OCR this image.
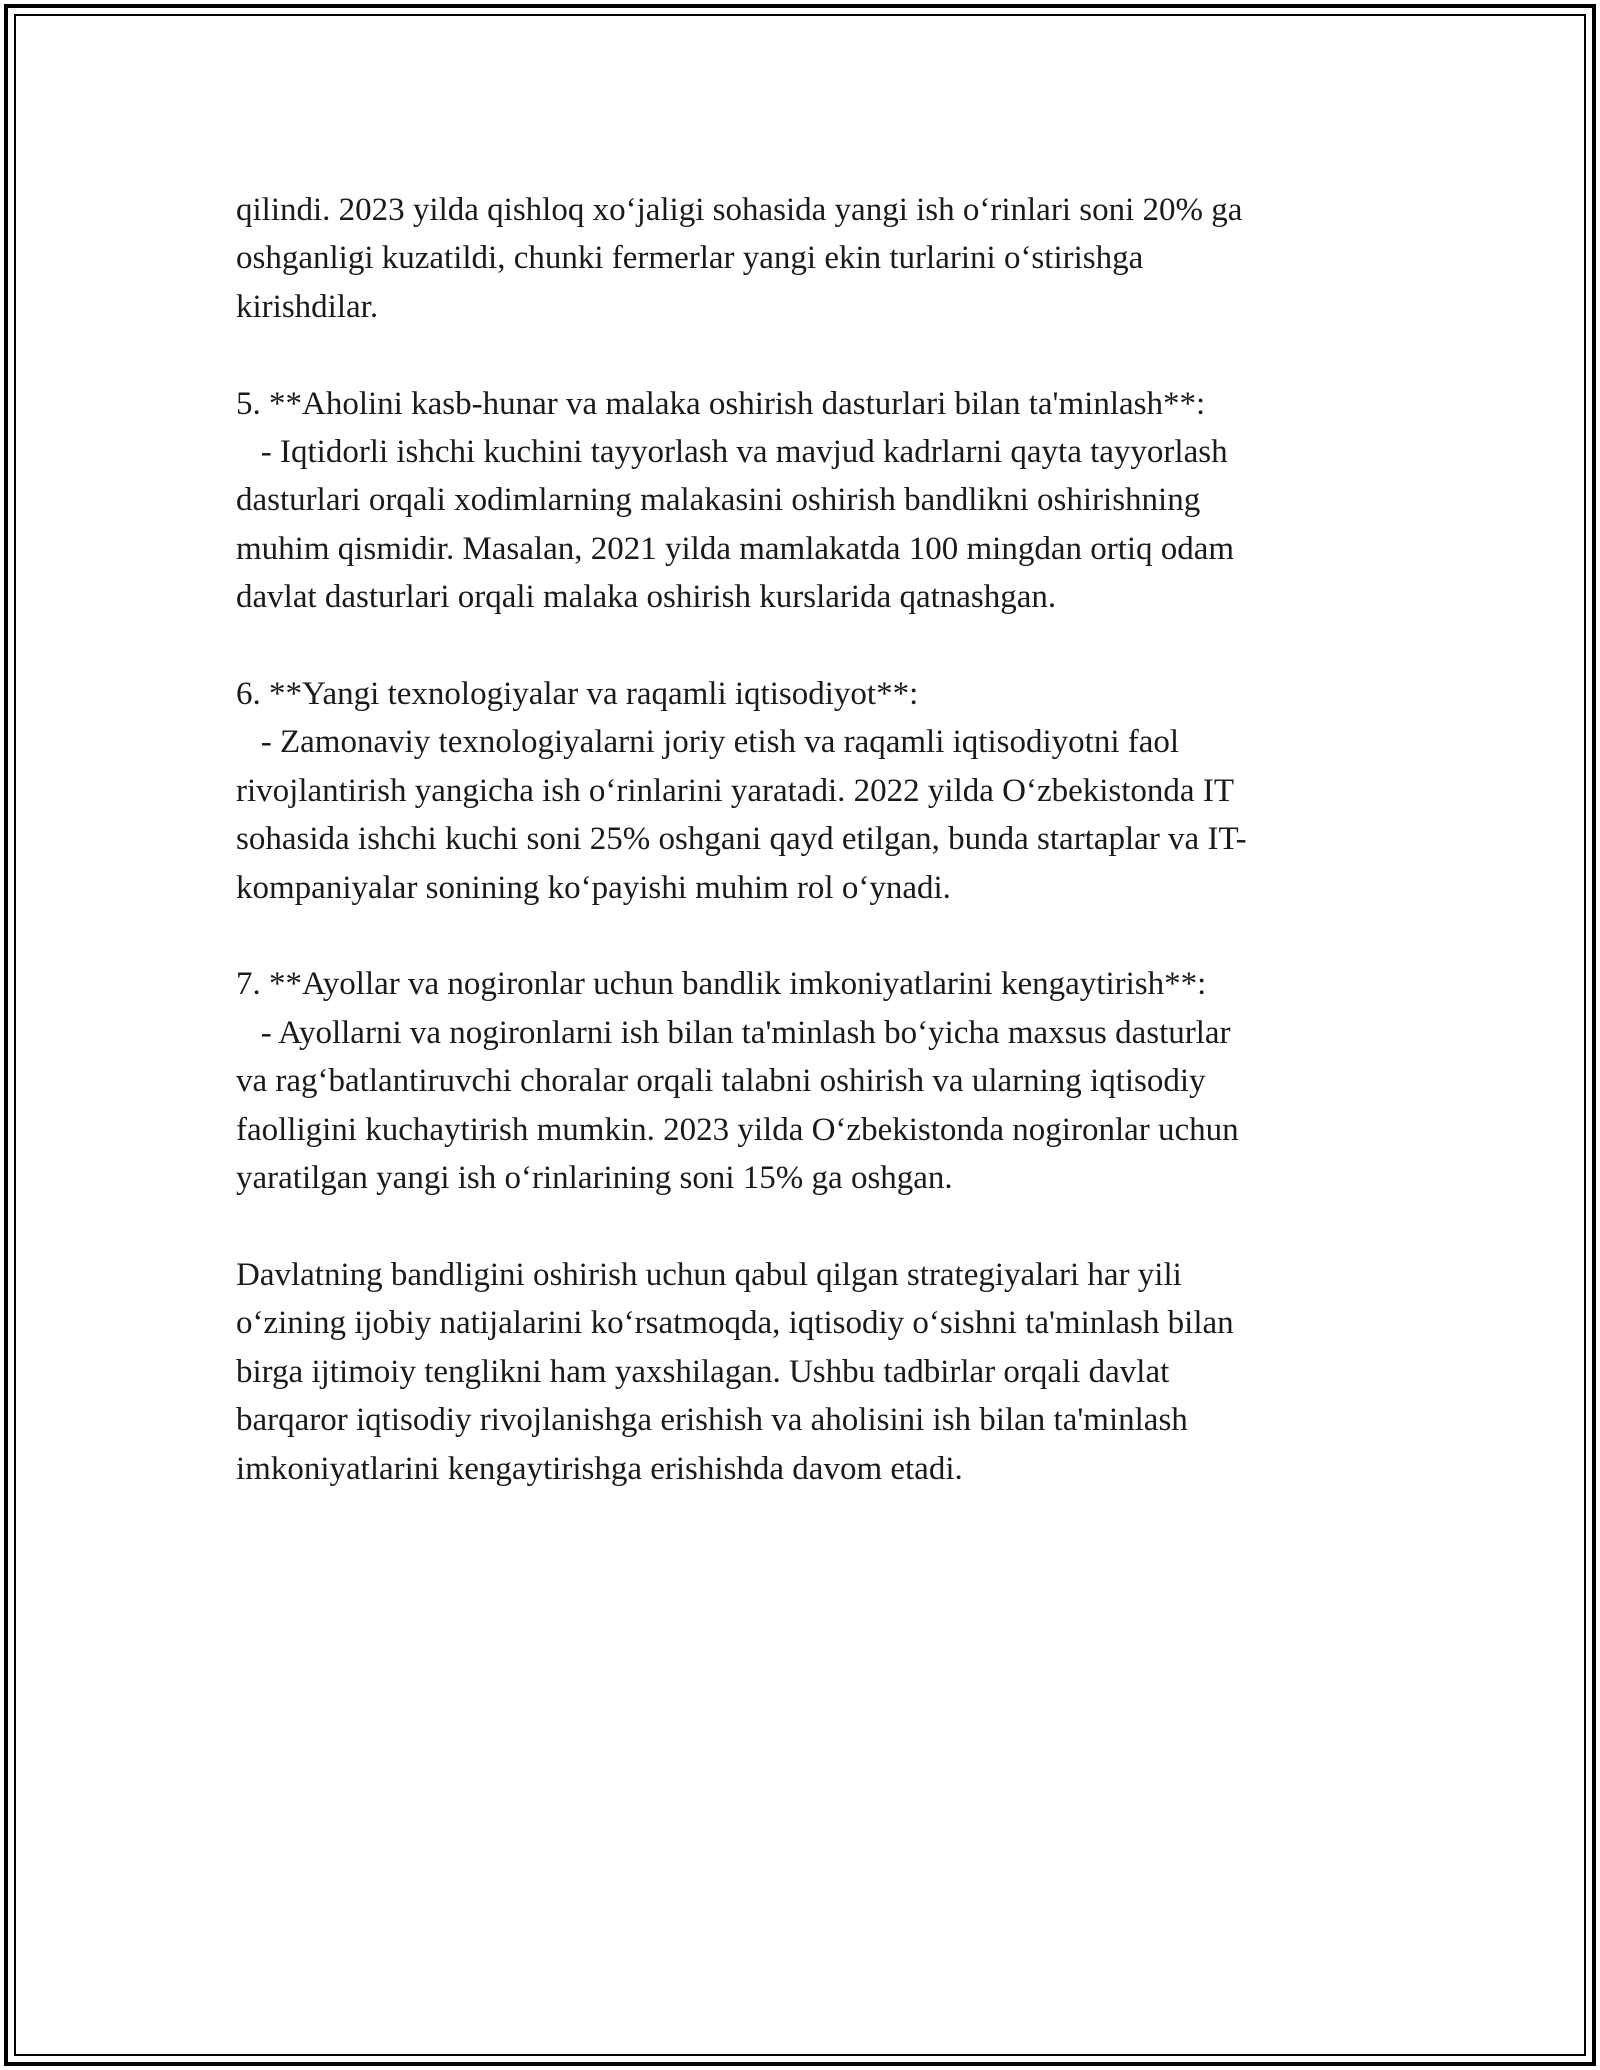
qilindi. 2023 yilda qishloq xo‘jaligi sohasida yangi ish o‘rinlari soni 20% ga
oshganligi kuzatildi, chunki fermerlar yangi ekin turlarini o‘stirishga
kirishdilar.

5. **Aholini kasb-hunar va malaka oshirish dasturlari bilan ta'minlash**:
- Iqtidorli ishchi kuchini tayyorlash va mavjud kadrlarni qayta tayyorlash
dasturlari orqali xodimlarning malakasini oshirish bandlikni oshirishning
muhim qismidir. Masalan, 2021 yilda mamlakatda 100 mingdan ortiq odam
davlat dasturlari orqali malaka oshirish kurslarida qatnashgan.

6. **Yangi texnologiyalar va raqamli iqtisodiyot**:
- Zamonaviy texnologiyalarni joriy etish va raqamli iqtisodiyotni faol
rivojlantirish yangicha ish o‘rinlarini yaratadi. 2022 yilda O‘zbekistonda IT
sohasida ishchi kuchi soni 25% oshgani qayd etilgan, bunda startaplar va IT-
kompaniyalar sonining ko‘payishi muhim rol o‘ynadi.

7. **Ayollar va nogironlar uchun bandlik imkoniyatlarini kengaytirish**:
- Ayollarni va nogironlarni ish bilan ta'minlash bo‘yicha maxsus dasturlar
va rag‘batlantiruvchi choralar orqali talabni oshirish va ularning iqtisodiy
faolligini kuchaytirish mumkin. 2023 yilda O‘zbekistonda nogironlar uchun
yaratilgan yangi ish o‘rinlarining soni 15% ga oshgan.

Davlatning bandligini oshirish uchun qabul qilgan strategiyalari har yili
o‘zining ijobiy natijalarini ko‘rsatmoqda, iqtisodiy o‘sishni ta'minlash bilan
birga ijtimoiy tenglikni ham yaxshilagan. Ushbu tadbirlar orqali davlat
barqaror iqtisodiy rivojlanishga erishish va aholisini ish bilan ta'minlash
imkoniyatlarini kengaytirishga erishishda davom etadi.
